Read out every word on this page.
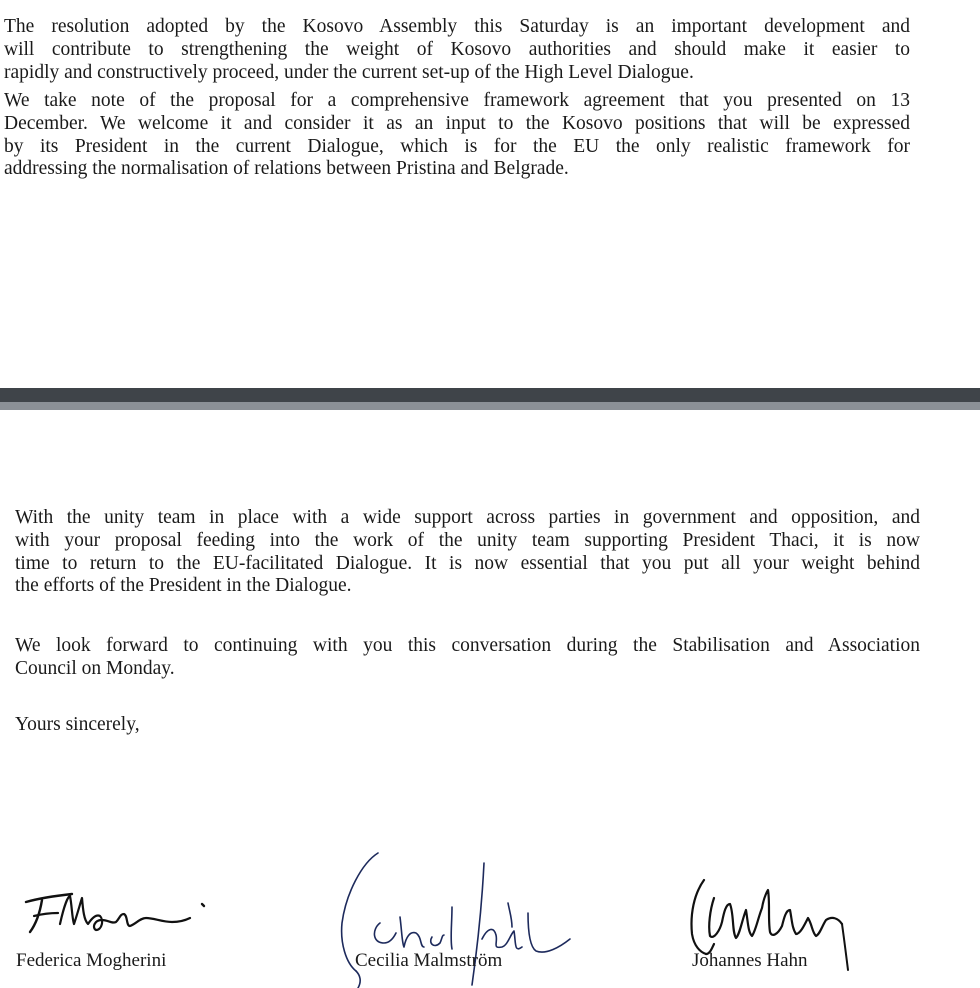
The resolution adopted by the Kosovo Assembly this Saturday is an important development and
will contribute to strengthening the weight of Kosovo authorities and should make it easier to
rapidly and constructively proceed, under the current set-up of the High Level Dialogue.

We take note of the proposal for a comprehensive framework agreement that you presented on 13
December. We welcome it and consider it as an input to the Kosovo positions that will be expressed
by its President in the current Dialogue, which is for the EU the only realistic framework for
addressing the normalisation of relations between Pristina and Belgrade.

With the unity team in place with a wide support across parties in government and opposition, and
with your proposal feeding into the work of the unity team supporting President Thaci, it is now
time to return to the EU-facilitated Dialogue. It is now essential that you put all your weight behind
the efforts of the President in the Dialogue.

We look forward to continuing with you this conversation during the Stabilisation and Association
Council on Monday.

Yours sincerely,

Federica Mogherini	Cecilia Malmström	Johannes Hahn
